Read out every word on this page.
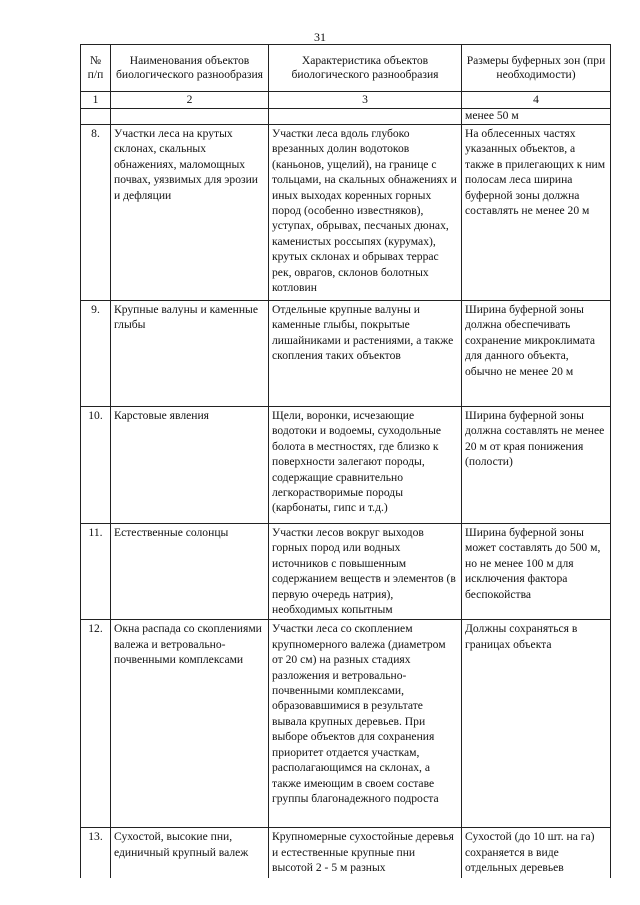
31
№
п/п	Наименования объектов биологического разнообразия	Характеристика объектов биологического разнообразия	Размеры буферных зон (при необходимости)
1	2	3	4
			менее 50 м
8.	Участки леса на крутых склонах, скальных обнажениях, маломощных почвах, уязвимых для эрозии и дефляции	Участки леса вдоль глубоко врезанных долин водотоков (каньонов, ущелий), на границе с тольцами, на скальных обнажениях и иных выходах коренных горных пород (особенно известняков), уступах, обрывах, песчаных дюнах, каменистых россыпях (курумах), крутых склонах и обрывах террас рек, оврагов, склонов болотных котловин	На облесенных частях указанных объектов, а также в прилегающих к ним полосам леса ширина буферной зоны должна составлять не менее 20 м
9.	Крупные валуны и каменные глыбы	Отдельные крупные валуны и каменные глыбы, покрытые лишайниками и растениями, а также скопления таких объектов	Ширина буферной зоны должна обеспечивать сохранение микроклимата для данного объекта, обычно не менее 20 м
10.	Карстовые явления	Щели, воронки, исчезающие водотоки и водоемы, суходольные болота в местностях, где близко к поверхности залегают породы, содержащие сравнительно легкорастворимые породы (карбонаты, гипс и т.д.)	Ширина буферной зоны должна составлять не менее 20 м от края понижения (полости)
11.	Естественные солонцы	Участки лесов вокруг выходов горных пород или водных источников с повышенным содержанием веществ и элементов (в первую очередь натрия), необходимых копытным	Ширина буферной зоны может составлять до 500 м, но не менее 100 м для исключения фактора беспокойства
12.	Окна распада со скоплениями валежа и ветровально-почвенными комплексами	Участки леса со скоплением крупномерного валежа (диаметром от 20 см) на разных стадиях разложения и ветровально-почвенными комплексами, образовавшимися в результате вывала крупных деревьев. При выборе объектов для сохранения приоритет отдается участкам, располагающимся на склонах, а также имеющим в своем составе группы благонадежного подроста	Должны сохраняться в границах объекта
13.	Сухостой, высокие пни, единичный крупный валеж	Крупномерные сухостойные деревья и естественные крупные пни высотой 2 - 5 м разных	Сухостой (до 10 шт. на га) сохраняется в виде отдельных деревьев
